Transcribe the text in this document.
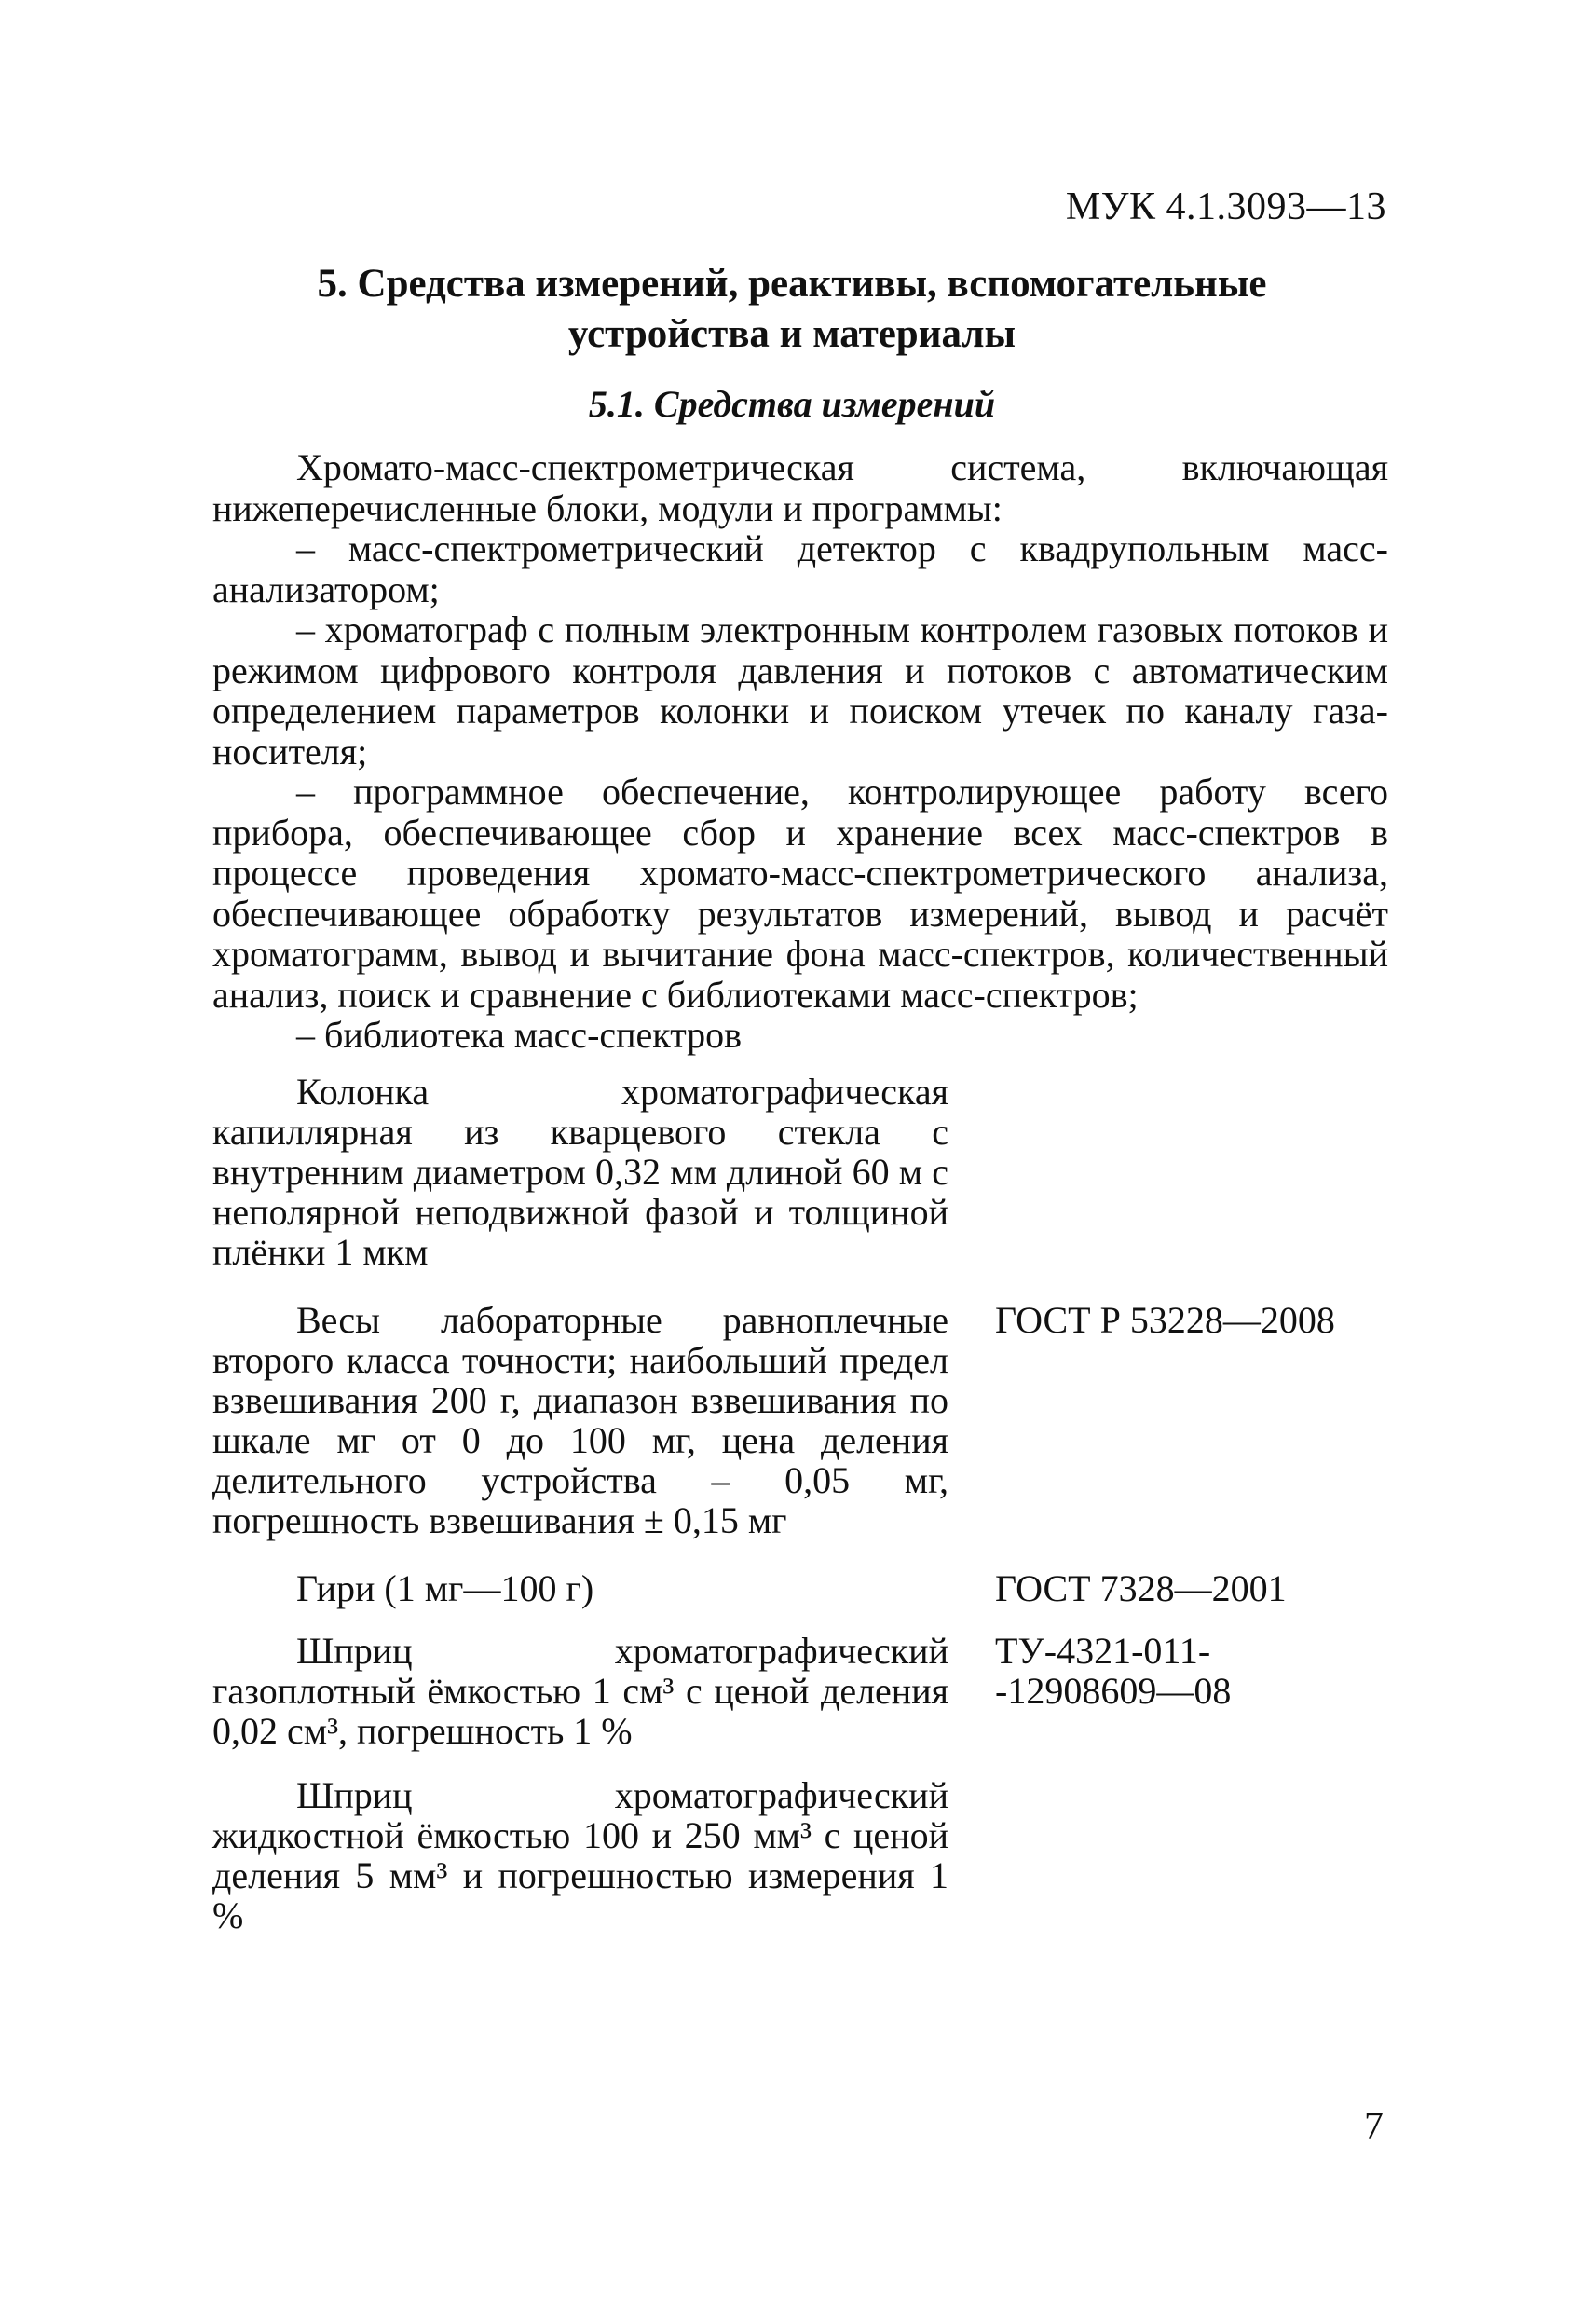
МУК 4.1.3093—13
5. Средства измерений, реактивы, вспомогательные устройства и материалы
5.1. Средства измерений

Хромато-масс-спектрометрическая система, включающая нижеперечисленные блоки, модули и программы:

– масс-спектрометрический детектор с квадрупольным масс-анализатором;

– хроматограф с полным электронным контролем газовых потоков и режимом цифрового контроля давления и потоков с автоматическим определением параметров колонки и поиском утечек по каналу газа-носителя;

– программное обеспечение, контролирующее работу всего прибора, обеспечивающее сбор и хранение всех масс-спектров в процессе проведения хромато-масс-спектрометрического анализа, обеспечивающее обработку результатов измерений, вывод и расчёт хроматограмм, вывод и вычитание фона масс-спектров, количественный анализ, поиск и сравнение с библиотеками масс-спектров;

– библиотека масс-спектров

Колонка хроматографическая капиллярная из кварцевого стекла с внутренним диаметром 0,32 мм длиной 60 м с неполярной неподвижной фазой и толщиной плёнки 1 мкм
Весы лабораторные равноплечные второго класса точности; наибольший предел взвешивания 200 г, диапазон взвешивания по шкале мг от 0 до 100 мг, цена деления делительного устройства – 0,05 мг, погрешность взвешивания ± 0,15 мг
ГОСТ Р 53228—2008
Гири (1 мг—100 г)	ГОСТ 7328—2001
Шприц хроматографический газоплотный ёмкостью 1 см³ с ценой деления 0,02 см³, погрешность 1 %
ТУ-4321-011-
-12908609—08
Шприц хроматографический жидкостной ёмкостью 100 и 250 мм³ с ценой деления 5 мм³ и погрешностью измерения 1 %
7
